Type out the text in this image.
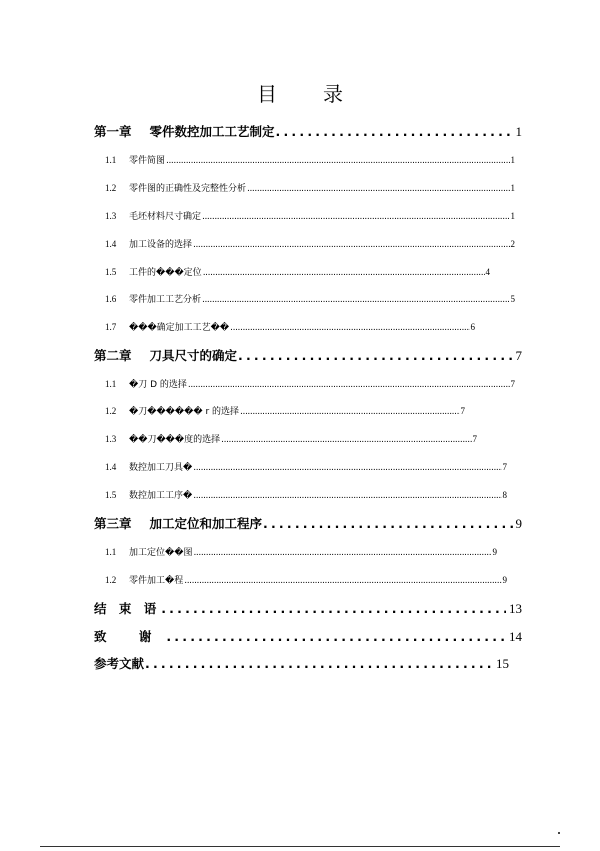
目录
第一章 零件数控加工工艺制定 .....	1
1.1	零件简图 .....	1
1.2	零件图的正确性及完整性分析 .....	1
1.3	毛坯材料尺寸确定 .....	1
1.4	加工设备的选择 .....	2
1.5	工件的���定位 .....	4
1.6	零件加工工艺分析 .....	5
1.7	���确定加工工艺�� .....	6
第二章 刀具尺寸的确定 .....	7
1.1	�刀 D 的选择 .....	7
1.2	�刀������ r 的选择 .....	7
1.3	��刀���度的选择 .....	7
1.4	数控加工刀具� .....	7
1.5	数控加工工序� .....	8
第三章 加工定位和加工程序 .....	9
1.1	加工定位��图 .....	9
1.2	零件加工�程 .....	9
结 束 语 .....	13
致 谢 .....	14
参考文献 .....	15
